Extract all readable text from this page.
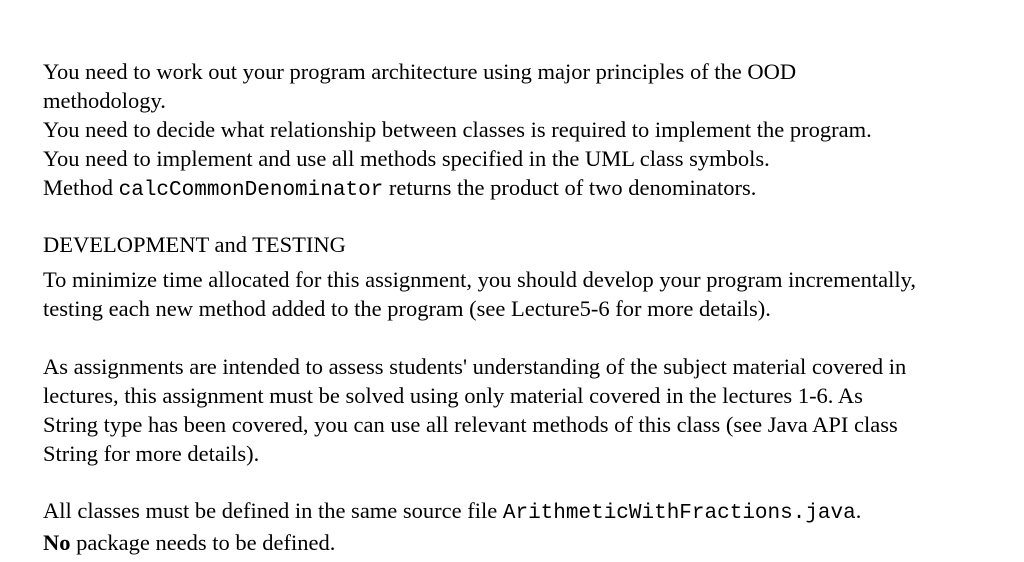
You need to work out your program architecture using major principles of the OOD
methodology.
You need to decide what relationship between classes is required to implement the program.
You need to implement and use all methods specified in the UML class symbols.
Method calcCommonDenominator returns the product of two denominators.
DEVELOPMENT and TESTING
To minimize time allocated for this assignment, you should develop your program incrementally,
testing each new method added to the program (see Lecture5-6 for more details).
As assignments are intended to assess students' understanding of the subject material covered in
lectures, this assignment must be solved using only material covered in the lectures 1-6. As
String type has been covered, you can use all relevant methods of this class (see Java API class
String for more details).
All classes must be defined in the same source file ArithmeticWithFractions.java.
No package needs to be defined.
